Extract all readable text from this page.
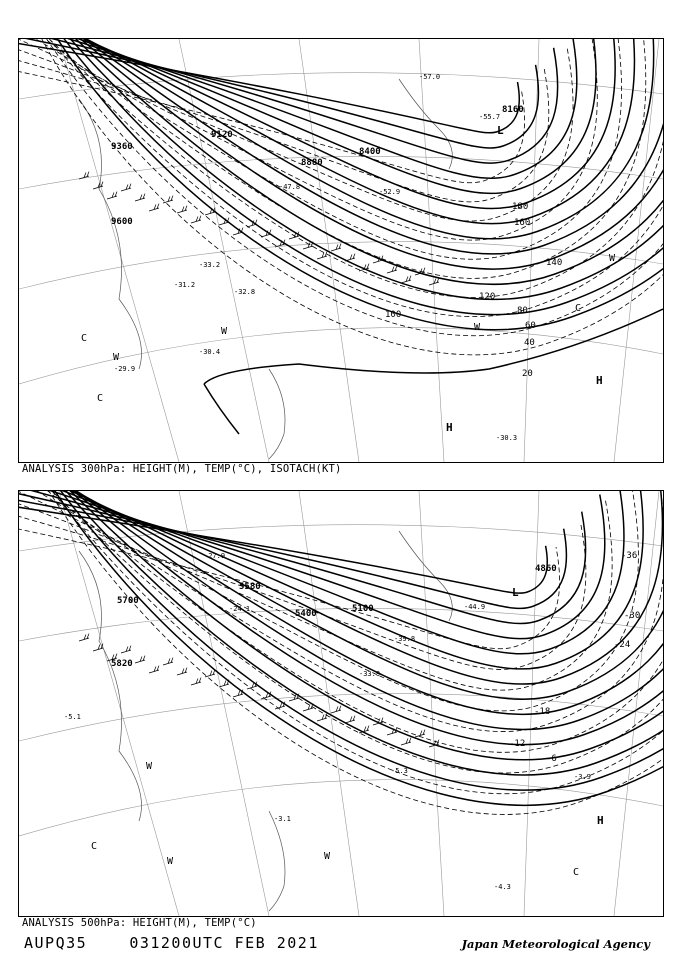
9360
9120
8880
9600
8400
8160
20
40
60
80
100
120
140
160
180
-30.4
-29.9
-31.2
-33.2
-32.8
-52.9
-57.0
-55.7
-47.8
-30.3
L
H
H
C
C
C
W
W	W
W
ANALYSIS 300hPa: HEIGHT(M), TEMP(°C), ISOTACH(KT)
5700
5580
5400	5100
4860
5820
-6
-12
-18
-24
-30
-36
-27.9
-24.1
-33.9
-39.8
-44.9
-3.9
-5.3
-4.3
-3.1
-5.1
L
H
C
C
W
W
W
ANALYSIS 500hPa: HEIGHT(M), TEMP(°C)
AUPQ35	031200UTC FEB 2021	Japan Meteorological Agency
